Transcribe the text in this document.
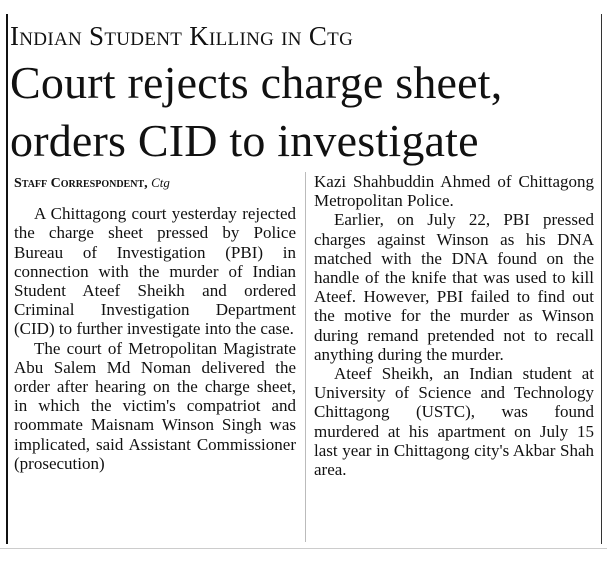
Indian Student Killing in Ctg
Court rejects charge sheet,
orders CID to investigate
Staff Correspondent, Ctg

A Chittagong court yesterday rejected the charge sheet pressed by Police Bureau of Investigation (PBI) in connection with the murder of Indian Student Ateef Sheikh and ordered Criminal Investigation Department (CID) to further investigate into the case.

The court of Metropolitan Magistrate Abu Salem Md Noman delivered the order after hearing on the charge sheet, in which the victim's compatriot and roommate Maisnam Winson Singh was implicated, said Assistant Commissioner (prosecution)

Kazi Shahbuddin Ahmed of Chittagong Metropolitan Police.

Earlier, on July 22, PBI pressed charges against Winson as his DNA matched with the DNA found on the handle of the knife that was used to kill Ateef. However, PBI failed to find out the motive for the murder as Winson during remand pretended not to recall anything during the murder.

Ateef Sheikh, an Indian student at University of Science and Technology Chittagong (USTC), was found murdered at his apartment on July 15 last year in Chittagong city's Akbar Shah area.
